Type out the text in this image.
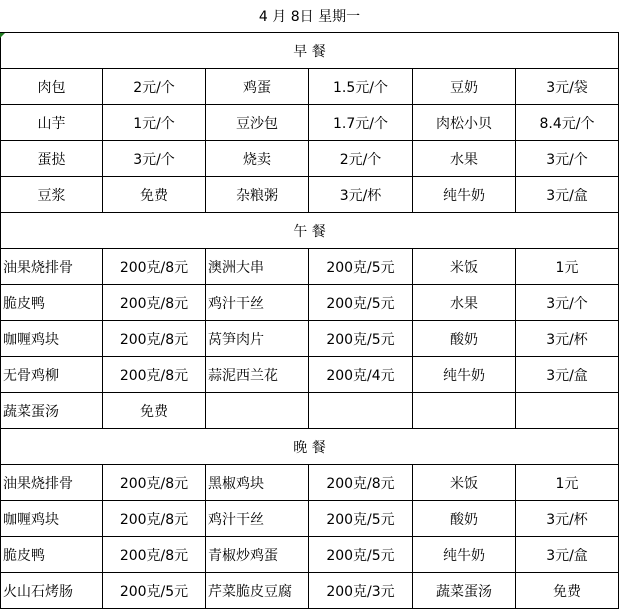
4 月 8日 星期一					
早 餐					
肉包	2元/个	鸡蛋	1.5元/个	豆奶	3元/袋
山芋	1元/个	豆沙包	1.7元/个	肉松小贝	8.4元/个
蛋挞	3元/个	烧卖	2元/个	水果	3元/个
豆浆	免费	杂粮粥	3元/杯	纯牛奶	3元/盒
午 餐					
油果烧排骨	200克/8元	澳洲大串	200克/5元	米饭	1元
脆皮鸭	200克/8元	鸡汁干丝	200克/5元	水果	3元/个
咖喱鸡块	200克/8元	莴笋肉片	200克/5元	酸奶	3元/杯
无骨鸡柳	200克/8元	蒜泥西兰花	200克/4元	纯牛奶	3元/盒
蔬菜蛋汤	免费				
晚 餐					
油果烧排骨	200克/8元	黑椒鸡块	200克/8元	米饭	1元
咖喱鸡块	200克/8元	鸡汁干丝	200克/5元	酸奶	3元/杯
脆皮鸭	200克/8元	青椒炒鸡蛋	200克/5元	纯牛奶	3元/盒
火山石烤肠	200克/5元	芹菜脆皮豆腐	200克/3元	蔬菜蛋汤	免费
